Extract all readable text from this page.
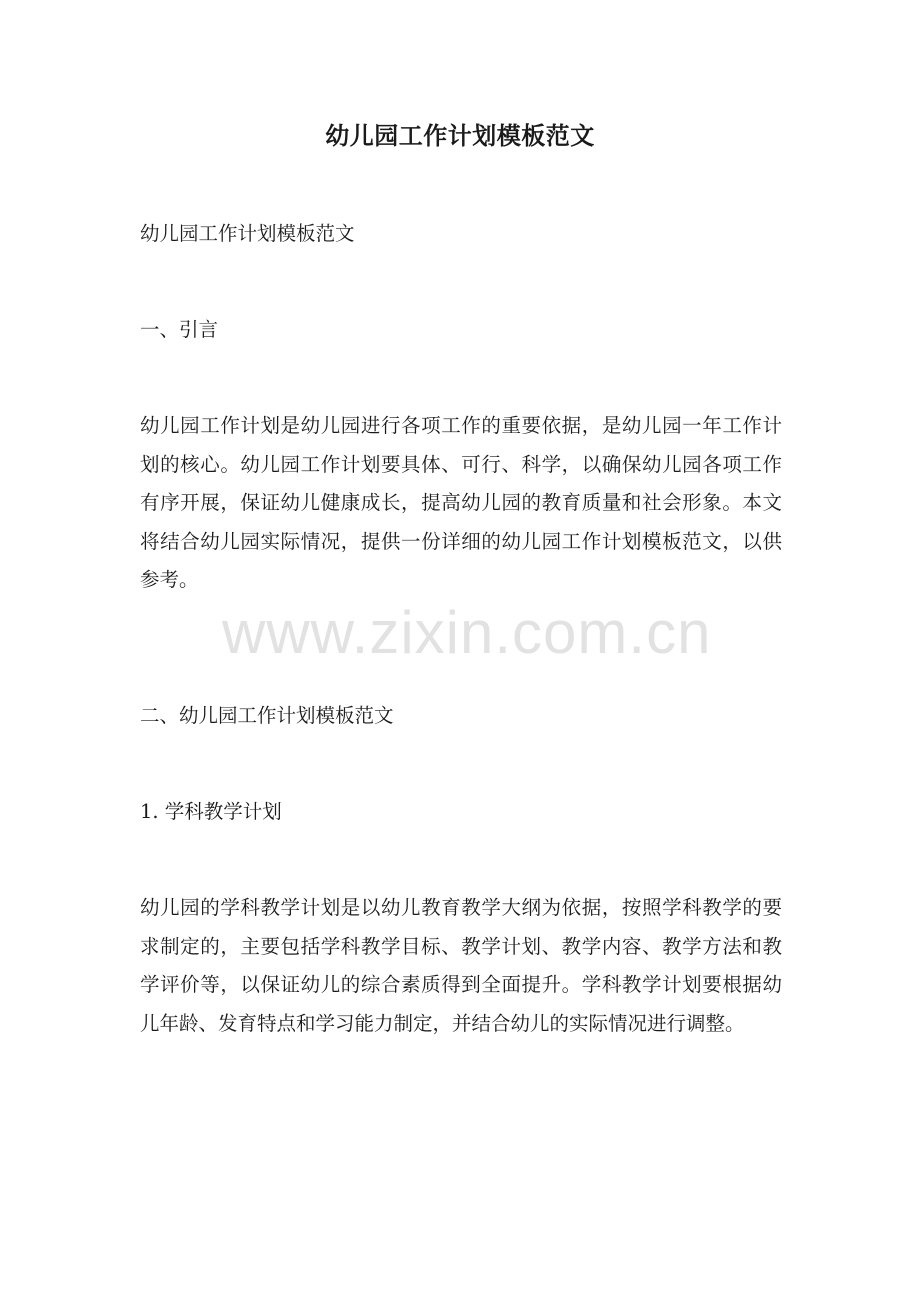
幼儿园工作计划模板范文
幼儿园工作计划模板范文
一、引言
幼儿园工作计划是幼儿园进行各项工作的重要依据，是幼儿园一年工作计划的核心。幼儿园工作计划要具体、可行、科学，以确保幼儿园各项工作有序开展，保证幼儿健康成长，提高幼儿园的教育质量和社会形象。本文将结合幼儿园实际情况，提供一份详细的幼儿园工作计划模板范文，以供参考。
二、幼儿园工作计划模板范文
1. 学科教学计划
幼儿园的学科教学计划是以幼儿教育教学大纲为依据，按照学科教学的要求制定的，主要包括学科教学目标、教学计划、教学内容、教学方法和教学评价等，以保证幼儿的综合素质得到全面提升。学科教学计划要根据幼儿年龄、发育特点和学习能力制定，并结合幼儿的实际情况进行调整。
www.zixin.com.cn
